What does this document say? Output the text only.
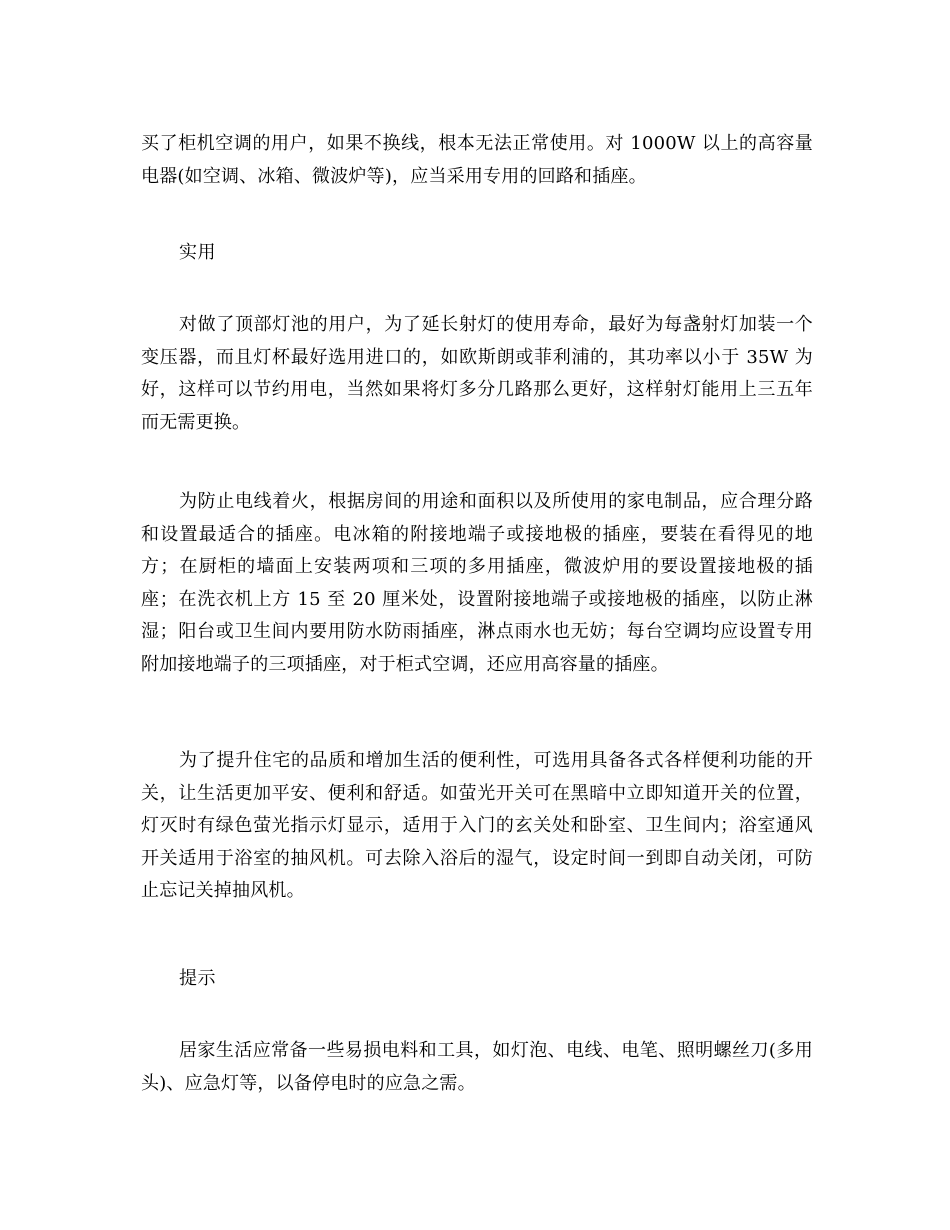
买了柜机空调的用户，如果不换线，根本无法正常使用。对 1000W 以上的高容量电器(如空调、冰箱、微波炉等)，应当采用专用的回路和插座。

实用

对做了顶部灯池的用户，为了延长射灯的使用寿命，最好为每盏射灯加装一个变压器，而且灯杯最好选用进口的，如欧斯朗或菲利浦的，其功率以小于 35W 为好，这样可以节约用电，当然如果将灯多分几路那么更好，这样射灯能用上三五年而无需更换。

为防止电线着火，根据房间的用途和面积以及所使用的家电制品，应合理分路和设置最适合的插座。电冰箱的附接地端子或接地极的插座，要装在看得见的地方；在厨柜的墙面上安装两项和三项的多用插座，微波炉用的要设置接地极的插座；在洗衣机上方 15 至 20 厘米处，设置附接地端子或接地极的插座，以防止淋湿；阳台或卫生间内要用防水防雨插座，淋点雨水也无妨；每台空调均应设置专用附加接地端子的三项插座，对于柜式空调，还应用高容量的插座。

为了提升住宅的品质和增加生活的便利性，可选用具备各式各样便利功能的开关，让生活更加平安、便利和舒适。如萤光开关可在黑暗中立即知道开关的位置，灯灭时有绿色萤光指示灯显示，适用于入门的玄关处和卧室、卫生间内；浴室通风开关适用于浴室的抽风机。可去除入浴后的湿气，设定时间一到即自动关闭，可防止忘记关掉抽风机。

提示

居家生活应常备一些易损电料和工具，如灯泡、电线、电笔、照明螺丝刀(多用头)、应急灯等，以备停电时的应急之需。
